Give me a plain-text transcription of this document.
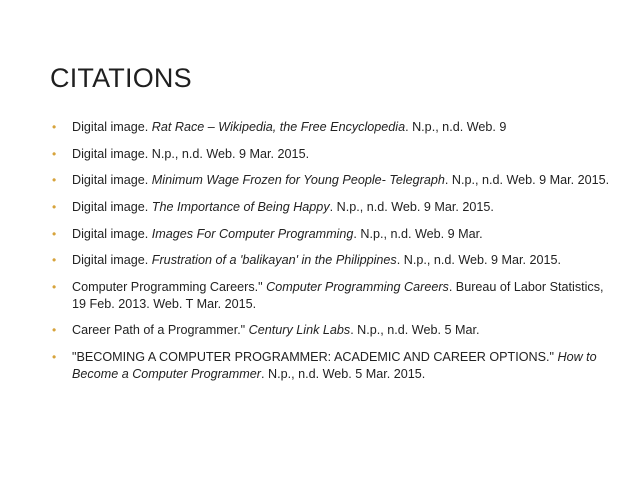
CITATIONS
• Digital image. Rat Race – Wikipedia, the Free Encyclopedia. N.p., n.d. Web. 9
• Digital image. N.p., n.d. Web. 9 Mar. 2015.
• Digital image. Minimum Wage Frozen for Young People- Telegraph. N.p., n.d. Web. 9 Mar. 2015.
• Digital image. The Importance of Being Happy. N.p., n.d. Web. 9 Mar. 2015.
• Digital image. Images For Computer Programming. N.p., n.d. Web. 9 Mar.
• Digital image. Frustration of a 'balikayan' in the Philippines. N.p., n.d. Web. 9 Mar. 2015.
• Computer Programming Careers." Computer Programming Careers. Bureau of Labor Statistics, 19 Feb. 2013. Web. T Mar. 2015.
• Career Path of a Programmer." Century Link Labs. N.p., n.d. Web. 5 Mar.
• "BECOMING A COMPUTER PROGRAMMER: ACADEMIC AND CAREER OPTIONS." How to Become a Computer Programmer. N.p., n.d. Web. 5 Mar. 2015.
